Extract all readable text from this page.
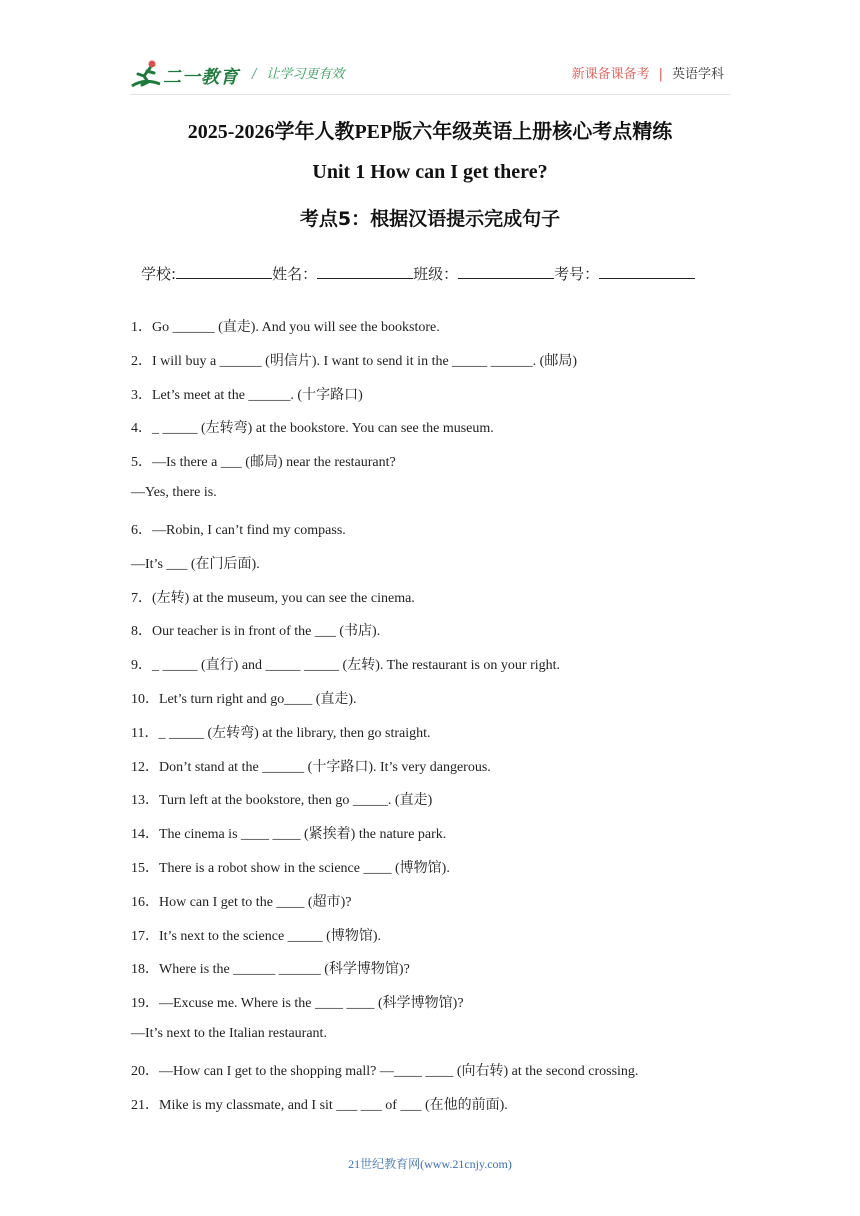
二一教育 / 让学习更有效	新课备课备考 | 英语学科
2025-2026学年人教PEP版六年级英语上册核心考点精练
Unit 1 How can I get there?
考点5：根据汉语提示完成句子
学校:	姓名：	班级：	考号：
1．Go ______ (直走). And you will see the bookstore.
2．I will buy a ______ (明信片). I want to send it in the _____ ______. (邮局)
3．Let’s meet at the ______. (十字路口)
4．_ _____ (左转弯) at the bookstore. You can see the museum.
5．—Is there a ___ (邮局) near the restaurant?
—Yes, there is.
6．—Robin, I can’t find my compass.
—It’s ___ (在门后面).
7．(左转) at the museum, you can see the cinema.
8．Our teacher is in front of the ___ (书店).
9．_ _____ (直行) and _____ _____ (左转). The restaurant is on your right.
10．Let’s turn right and go____ (直走).
11．_ _____ (左转弯) at the library, then go straight.
12．Don’t stand at the ______ (十字路口). It’s very dangerous.
13．Turn left at the bookstore, then go _____. (直走)
14．The cinema is ____ ____ (紧挨着) the nature park.
15．There is a robot show in the science ____ (博物馆).
16．How can I get to the ____ (超市)?
17．It’s next to the science _____ (博物馆).
18．Where is the ______ ______ (科学博物馆)?
19．—Excuse me. Where is the ____ ____ (科学博物馆)?
—It’s next to the Italian restaurant.
20．—How can I get to the shopping mall? —____ ____ (向右转) at the second crossing.
21．Mike is my classmate, and I sit ___ ___ of ___ (在他的前面).
21世纪教育网(www.21cnjy.com)
